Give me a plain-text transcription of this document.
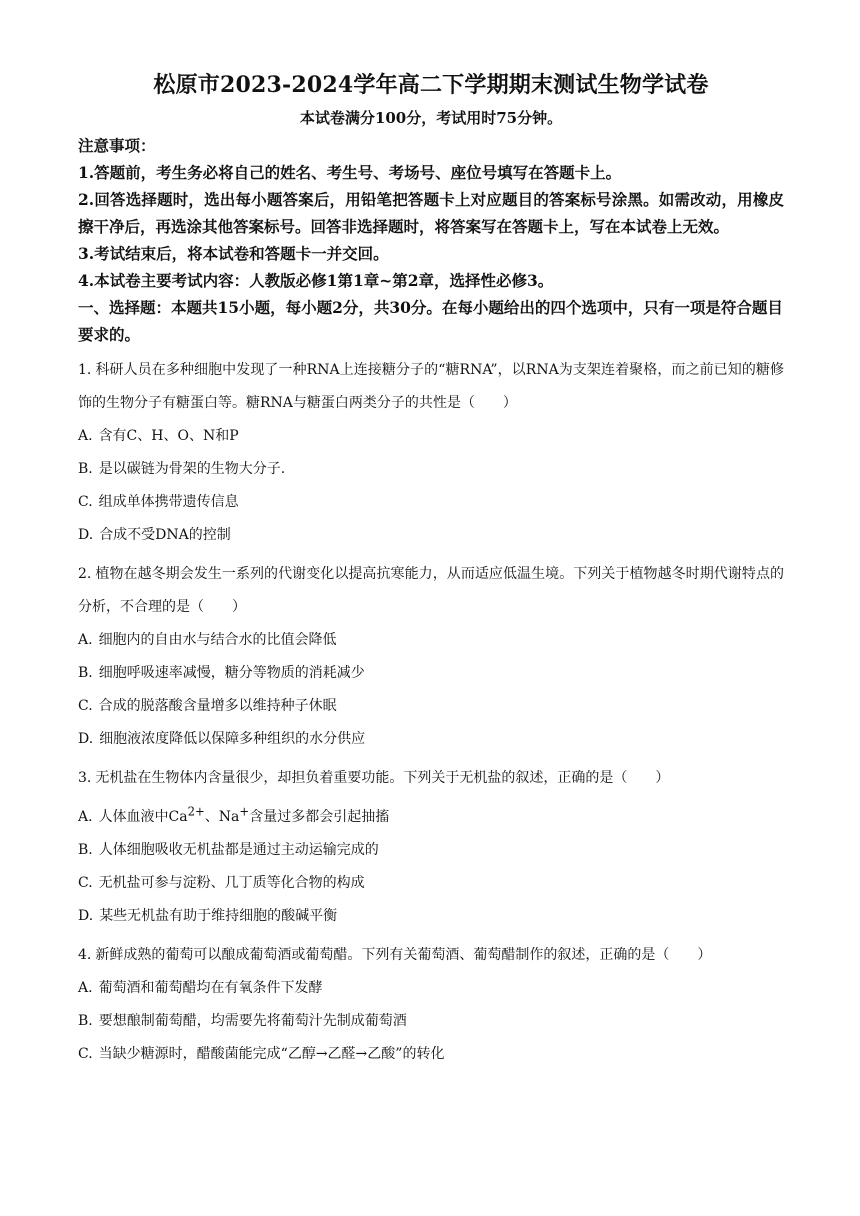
松原市2023-2024学年高二下学期期末测试生物学试卷

本试卷满分100分，考试用时75分钟。

注意事项：

1.答题前，考生务必将自己的姓名、考生号、考场号、座位号填写在答题卡上。

2.回答选择题时，选出每小题答案后，用铅笔把答题卡上对应题目的答案标号涂黑。如需改动，用橡皮擦干净后，再选涂其他答案标号。回答非选择题时，将答案写在答题卡上，写在本试卷上无效。

3.考试结束后，将本试卷和答题卡一并交回。

4.本试卷主要考试内容：人教版必修1第1章~第2章，选择性必修3。

一、选择题：本题共15小题，每小题2分，共30分。在每小题给出的四个选项中，只有一项是符合题目要求的。

1. 科研人员在多种细胞中发现了一种RNA上连接糖分子的“糖RNA”，以RNA为支架连着聚格，而之前已知的糖修饰的生物分子有糖蛋白等。糖RNA与糖蛋白两类分子的共性是（　　）

A. 含有C、H、O、N和P

B. 是以碳链为骨架的生物大分子.

C. 组成单体携带遗传信息

D. 合成不受DNA的控制

2. 植物在越冬期会发生一系列的代谢变化以提高抗寒能力，从而适应低温生境。下列关于植物越冬时期代谢特点的分析，不合理的是（　　）

A. 细胞内的自由水与结合水的比值会降低

B. 细胞呼吸速率减慢，糖分等物质的消耗减少

C. 合成的脱落酸含量增多以维持种子休眠

D. 细胞液浓度降低以保障多种组织的水分供应

3. 无机盐在生物体内含量很少，却担负着重要功能。下列关于无机盐的叙述，正确的是（　　）

A. 人体血液中$Ca^{2+}$、Na+含量过多都会引起抽搐

B. 人体细胞吸收无机盐都是通过主动运输完成的

C. 无机盐可参与淀粉、几丁质等化合物的构成

D. 某些无机盐有助于维持细胞的酸碱平衡

4. 新鲜成熟的葡萄可以酿成葡萄酒或葡萄醋。下列有关葡萄酒、葡萄醋制作的叙述，正确的是（　　）

A. 葡萄酒和葡萄醋均在有氧条件下发酵

B. 要想酿制葡萄醋，均需要先将葡萄汁先制成葡萄酒

C. 当缺少糖源时，醋酸菌能完成“乙醇→乙醛→乙酸”的转化
